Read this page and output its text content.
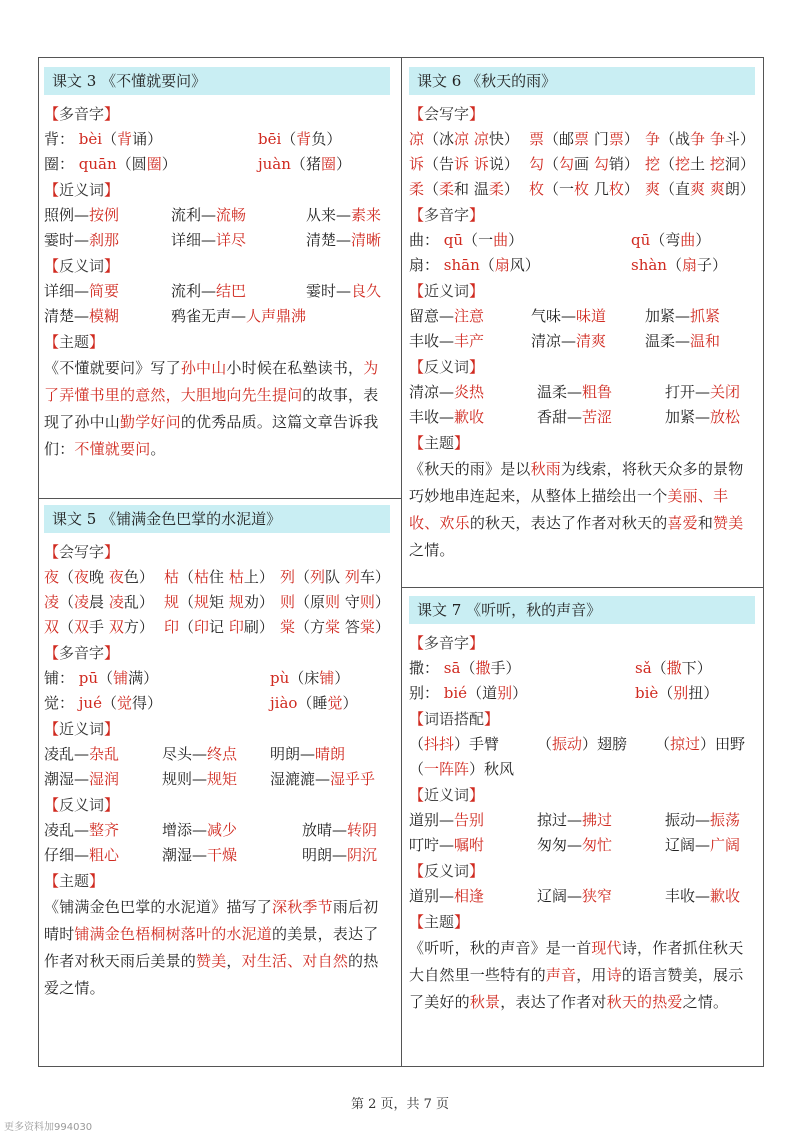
课文 3 《不懂就要问》
【多音字】
背： bèi（背诵）	bēi（背负）
圈： quān（圆圈）	juàn（猪圈）
【近义词】
照例—按例	流利—流畅	从来—素来
霎时—刹那	详细—详尽	清楚—清晰
【反义词】
详细—简要	流利—结巴	霎时—良久
清楚—模糊	鸦雀无声—人声鼎沸
【主题】
《不懂就要问》写了孙中山小时候在私塾读书，为了弄懂书里的意然，大胆地向先生提问的故事，表现了孙中山勤学好问的优秀品质。这篇文章告诉我们：不懂就要问。
课文 5 《铺满金色巴掌的水泥道》
【会写字】
夜（夜晚 夜色） 枯（枯住 枯上） 列（列队 列车）
凌（凌晨 凌乱） 规（规矩 规劝） 则（原则 守则）
双（双手 双方） 印（印记 印刷） 棠（方棠 答棠）
【多音字】
铺： pū（铺满）	pù（床铺）
觉： jué（觉得）	jiào（睡觉）
【近义词】
凌乱—杂乱	尽头—终点 明朗—晴朗
潮湿—湿润	规则—规矩 湿漉漉—湿乎乎
【反义词】
凌乱—整齐	增添—减少	放晴—转阴
仔细—粗心	潮湿—干燥	明朗—阴沉
【主题】
《铺满金色巴掌的水泥道》描写了深秋季节雨后初晴时铺满金色梧桐树落叶的水泥道的美景，表达了作者对秋天雨后美景的赞美，对生活、对自然的热爱之情。
课文 6 《秋天的雨》
【会写字】
凉（冰凉 凉快） 票（邮票 门票） 争（战争 争斗）
诉（告诉 诉说） 勾（勾画 勾销） 挖（挖土 挖洞）
柔（柔和 温柔） 枚（一枚 几枚） 爽（直爽 爽朗）
【多音字】
曲： qū（一曲）	qū（弯曲）
扇： shān（扇风）	shàn（扇子）
【近义词】
留意—注意	气味—味道	加紧—抓紧
丰收—丰产	清凉—清爽	温柔—温和
【反义词】
清凉—炎热	温柔—粗鲁	打开—关闭
丰收—歉收	香甜—苦涩	加紧—放松
【主题】
《秋天的雨》是以秋雨为线索，将秋天众多的景物巧妙地串连起来，从整体上描绘出一个美丽、丰收、欢乐的秋天，表达了作者对秋天的喜爱和赞美之情。
课文 7 《听听，秋的声音》
【多音字】
撒： sā（撒手）	sǎ（撒下）
别： bié（道别）	biè（别扭）
【词语搭配】
（抖抖）手臂	（振动）翅膀 （掠过）田野
（一阵阵）秋风
【近义词】
道别—告别	掠过—拂过	振动—振荡
叮咛—嘱咐	匆匆—匆忙	辽阔—广阔
【反义词】
道别—相逢	辽阔—狭窄	丰收—歉收
【主题】
《听听，秋的声音》是一首现代诗，作者抓住秋天大自然里一些特有的声音，用诗的语言赞美，展示了美好的秋景，表达了作者对秋天的热爱之情。
第 2 页，共 7 页
更多资料加994030
